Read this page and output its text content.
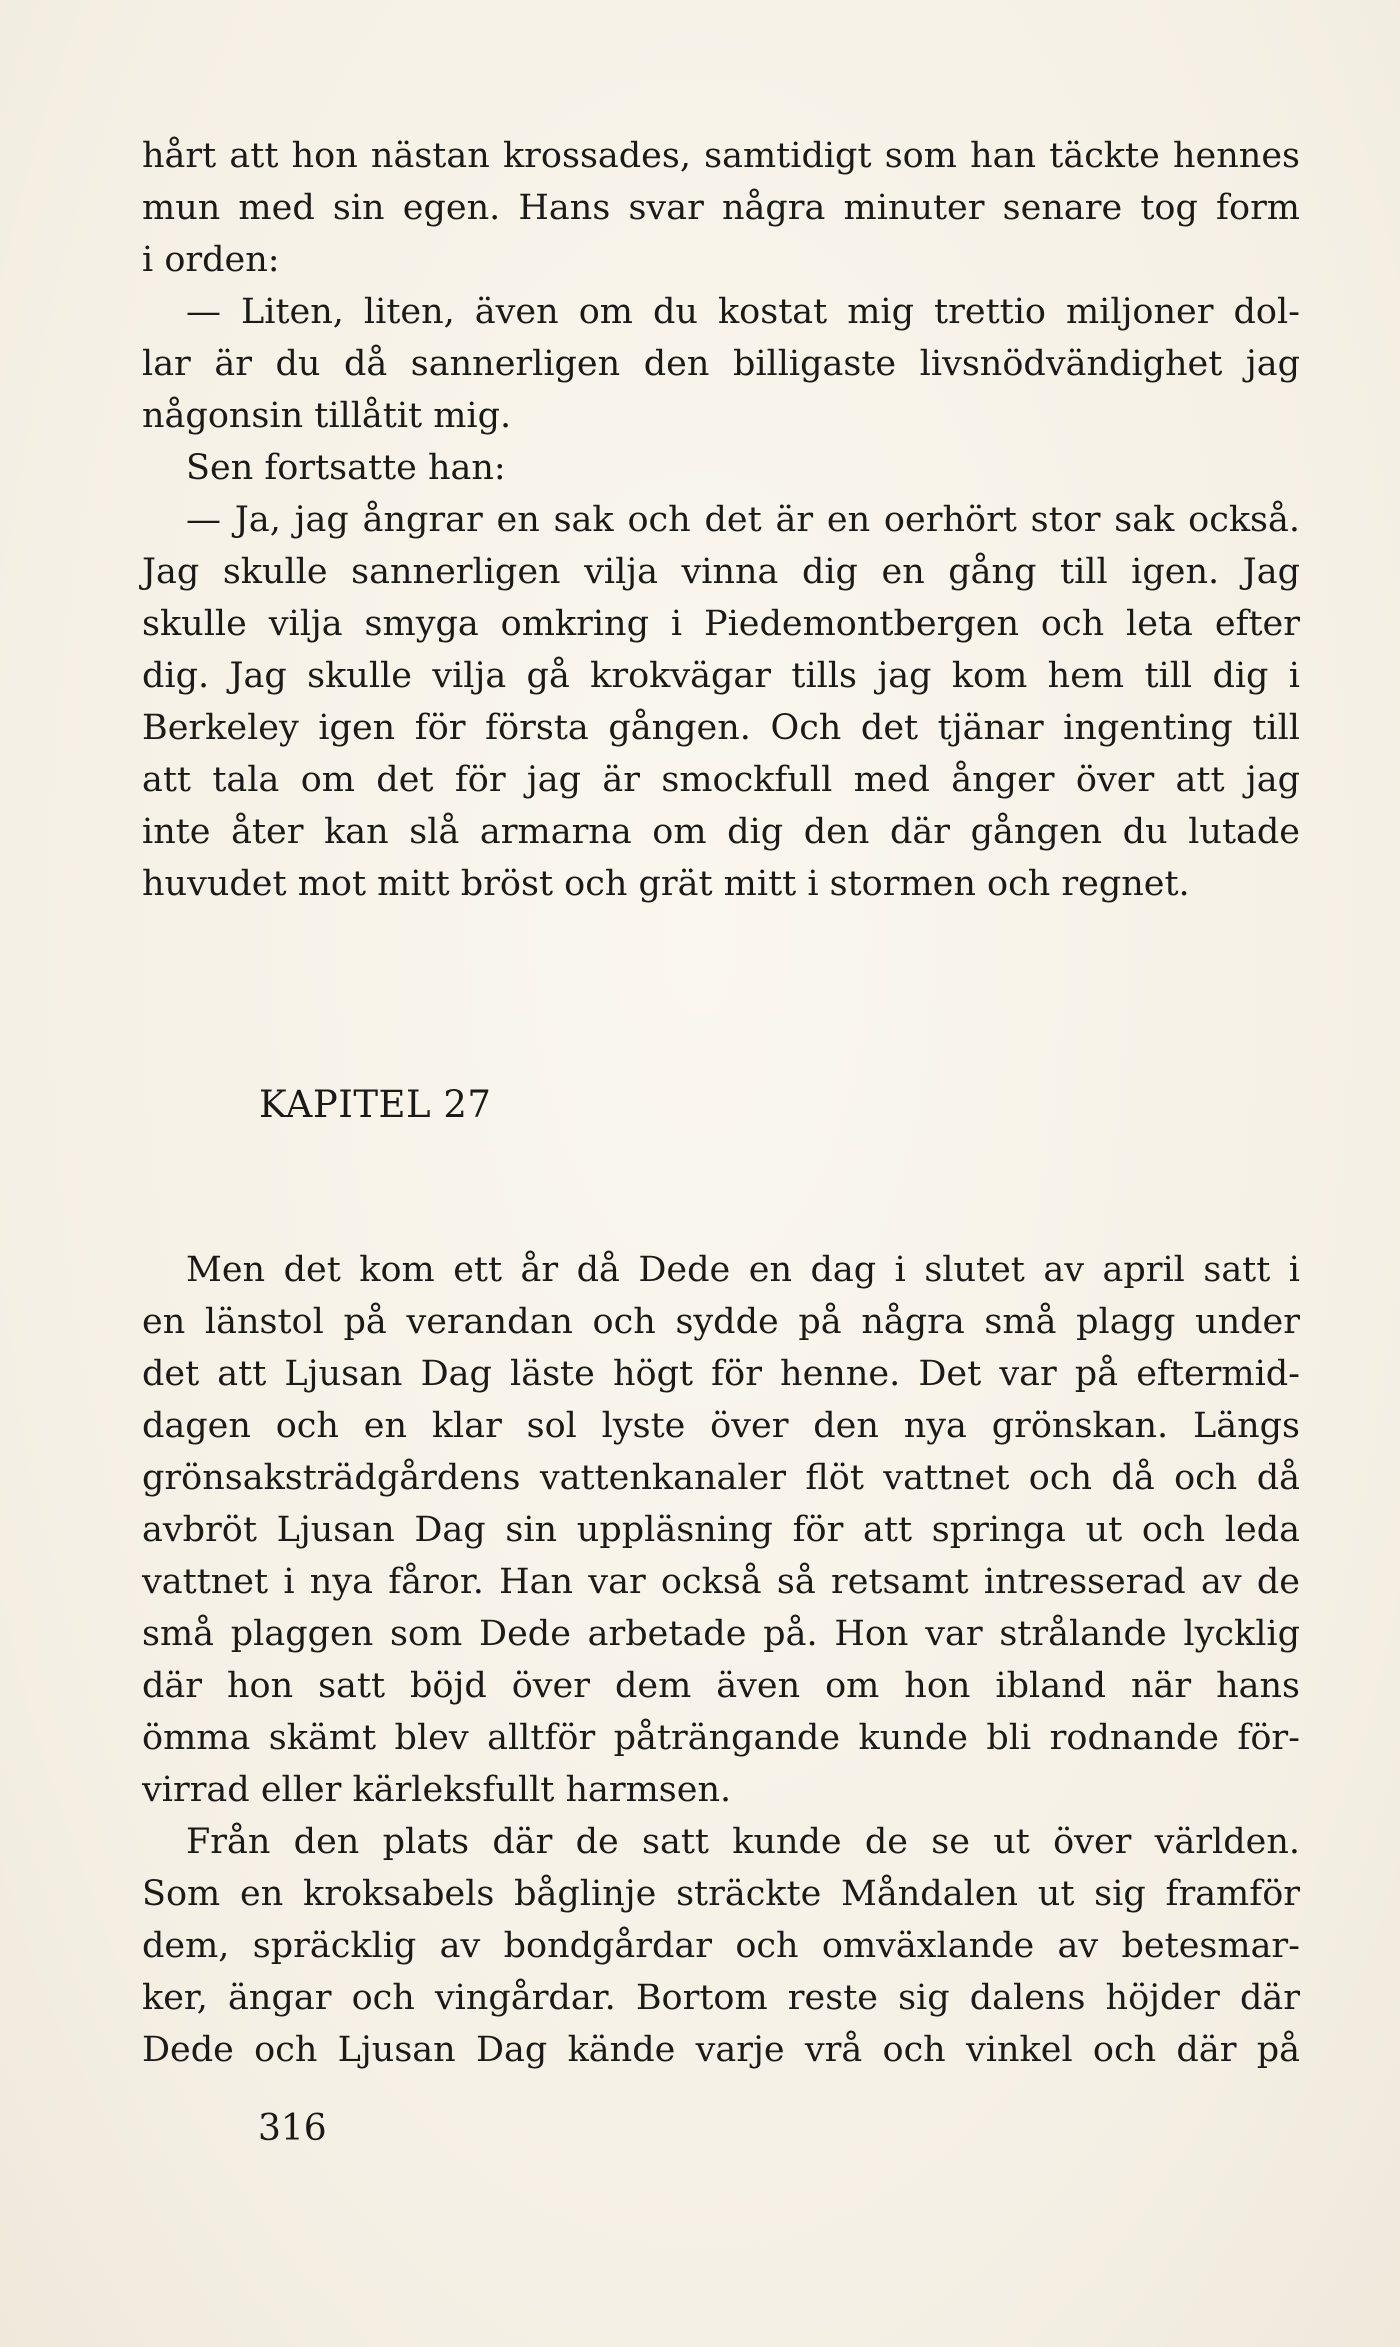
hårt att hon nästan krossades, samtidigt som han täckte hennes
mun med sin egen. Hans svar några minuter senare tog form
i orden:
— Liten, liten, även om du kostat mig trettio miljoner dol-
lar är du då sannerligen den billigaste livsnödvändighet jag
någonsin tillåtit mig.
Sen fortsatte han:
— Ja, jag ångrar en sak och det är en oerhört stor sak också.
Jag skulle sannerligen vilja vinna dig en gång till igen. Jag
skulle vilja smyga omkring i Piedemontbergen och leta efter
dig. Jag skulle vilja gå krokvägar tills jag kom hem till dig i
Berkeley igen för första gången. Och det tjänar ingenting till
att tala om det för jag är smockfull med ånger över att jag
inte åter kan slå armarna om dig den där gången du lutade
huvudet mot mitt bröst och grät mitt i stormen och regnet.
KAPITEL 27
Men det kom ett år då Dede en dag i slutet av april satt i
en länstol på verandan och sydde på några små plagg under
det att Ljusan Dag läste högt för henne. Det var på eftermid-
dagen och en klar sol lyste över den nya grönskan. Längs
grönsaksträdgårdens vattenkanaler flöt vattnet och då och då
avbröt Ljusan Dag sin uppläsning för att springa ut och leda
vattnet i nya fåror. Han var också så retsamt intresserad av de
små plaggen som Dede arbetade på. Hon var strålande lycklig
där hon satt böjd över dem även om hon ibland när hans
ömma skämt blev alltför påträngande kunde bli rodnande för-
virrad eller kärleksfullt harmsen.
Från den plats där de satt kunde de se ut över världen.
Som en kroksabels båglinje sträckte Måndalen ut sig framför
dem, spräcklig av bondgårdar och omväxlande av betesmar-
ker, ängar och vingårdar. Bortom reste sig dalens höjder där
Dede och Ljusan Dag kände varje vrå och vinkel och där på
316
